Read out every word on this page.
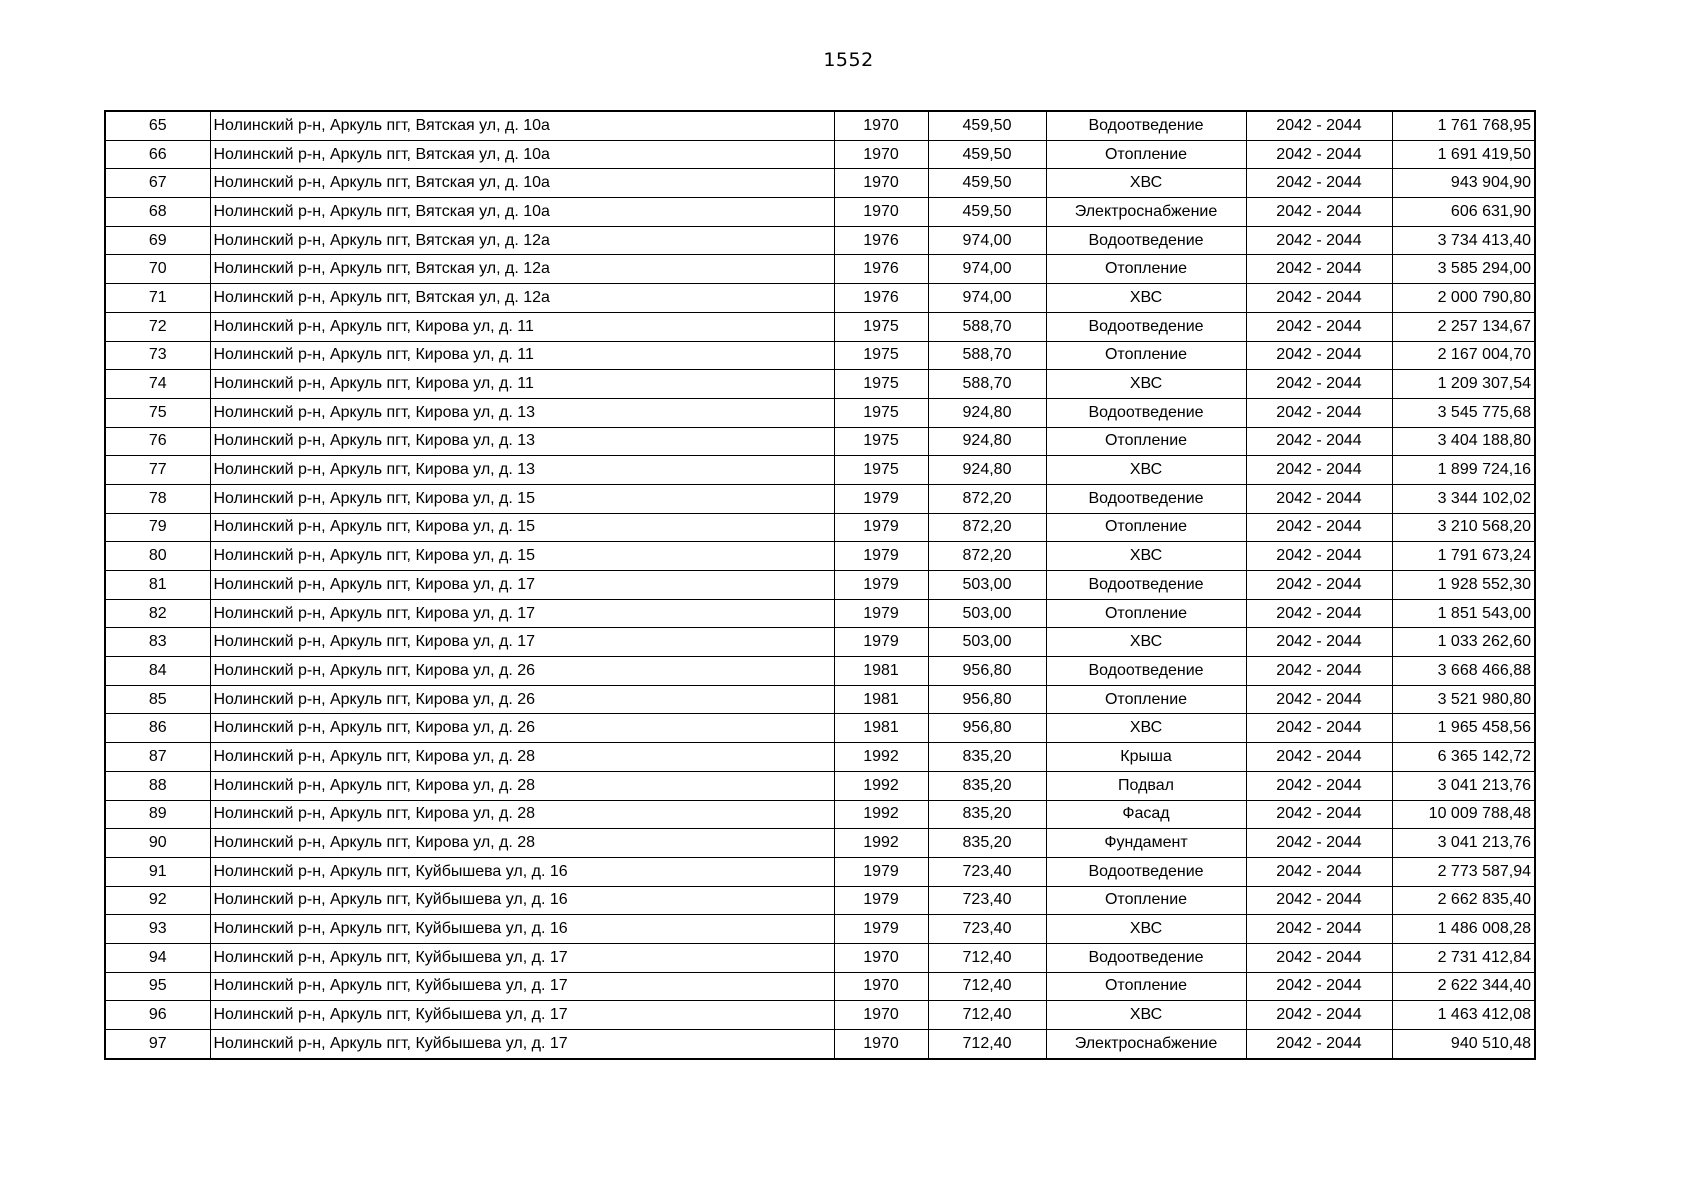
1552
65	Нолинский р-н, Аркуль пгт, Вятская ул, д. 10а	1970	459,50	Водоотведение	2042 - 2044	1 761 768,95
66	Нолинский р-н, Аркуль пгт, Вятская ул, д. 10а	1970	459,50	Отопление	2042 - 2044	1 691 419,50
67	Нолинский р-н, Аркуль пгт, Вятская ул, д. 10а	1970	459,50	ХВС	2042 - 2044	943 904,90
68	Нолинский р-н, Аркуль пгт, Вятская ул, д. 10а	1970	459,50	Электроснабжение	2042 - 2044	606 631,90
69	Нолинский р-н, Аркуль пгт, Вятская ул, д. 12а	1976	974,00	Водоотведение	2042 - 2044	3 734 413,40
70	Нолинский р-н, Аркуль пгт, Вятская ул, д. 12а	1976	974,00	Отопление	2042 - 2044	3 585 294,00
71	Нолинский р-н, Аркуль пгт, Вятская ул, д. 12а	1976	974,00	ХВС	2042 - 2044	2 000 790,80
72	Нолинский р-н, Аркуль пгт, Кирова ул, д. 11	1975	588,70	Водоотведение	2042 - 2044	2 257 134,67
73	Нолинский р-н, Аркуль пгт, Кирова ул, д. 11	1975	588,70	Отопление	2042 - 2044	2 167 004,70
74	Нолинский р-н, Аркуль пгт, Кирова ул, д. 11	1975	588,70	ХВС	2042 - 2044	1 209 307,54
75	Нолинский р-н, Аркуль пгт, Кирова ул, д. 13	1975	924,80	Водоотведение	2042 - 2044	3 545 775,68
76	Нолинский р-н, Аркуль пгт, Кирова ул, д. 13	1975	924,80	Отопление	2042 - 2044	3 404 188,80
77	Нолинский р-н, Аркуль пгт, Кирова ул, д. 13	1975	924,80	ХВС	2042 - 2044	1 899 724,16
78	Нолинский р-н, Аркуль пгт, Кирова ул, д. 15	1979	872,20	Водоотведение	2042 - 2044	3 344 102,02
79	Нолинский р-н, Аркуль пгт, Кирова ул, д. 15	1979	872,20	Отопление	2042 - 2044	3 210 568,20
80	Нолинский р-н, Аркуль пгт, Кирова ул, д. 15	1979	872,20	ХВС	2042 - 2044	1 791 673,24
81	Нолинский р-н, Аркуль пгт, Кирова ул, д. 17	1979	503,00	Водоотведение	2042 - 2044	1 928 552,30
82	Нолинский р-н, Аркуль пгт, Кирова ул, д. 17	1979	503,00	Отопление	2042 - 2044	1 851 543,00
83	Нолинский р-н, Аркуль пгт, Кирова ул, д. 17	1979	503,00	ХВС	2042 - 2044	1 033 262,60
84	Нолинский р-н, Аркуль пгт, Кирова ул, д. 26	1981	956,80	Водоотведение	2042 - 2044	3 668 466,88
85	Нолинский р-н, Аркуль пгт, Кирова ул, д. 26	1981	956,80	Отопление	2042 - 2044	3 521 980,80
86	Нолинский р-н, Аркуль пгт, Кирова ул, д. 26	1981	956,80	ХВС	2042 - 2044	1 965 458,56
87	Нолинский р-н, Аркуль пгт, Кирова ул, д. 28	1992	835,20	Крыша	2042 - 2044	6 365 142,72
88	Нолинский р-н, Аркуль пгт, Кирова ул, д. 28	1992	835,20	Подвал	2042 - 2044	3 041 213,76
89	Нолинский р-н, Аркуль пгт, Кирова ул, д. 28	1992	835,20	Фасад	2042 - 2044	10 009 788,48
90	Нолинский р-н, Аркуль пгт, Кирова ул, д. 28	1992	835,20	Фундамент	2042 - 2044	3 041 213,76
91	Нолинский р-н, Аркуль пгт, Куйбышева ул, д. 16	1979	723,40	Водоотведение	2042 - 2044	2 773 587,94
92	Нолинский р-н, Аркуль пгт, Куйбышева ул, д. 16	1979	723,40	Отопление	2042 - 2044	2 662 835,40
93	Нолинский р-н, Аркуль пгт, Куйбышева ул, д. 16	1979	723,40	ХВС	2042 - 2044	1 486 008,28
94	Нолинский р-н, Аркуль пгт, Куйбышева ул, д. 17	1970	712,40	Водоотведение	2042 - 2044	2 731 412,84
95	Нолинский р-н, Аркуль пгт, Куйбышева ул, д. 17	1970	712,40	Отопление	2042 - 2044	2 622 344,40
96	Нолинский р-н, Аркуль пгт, Куйбышева ул, д. 17	1970	712,40	ХВС	2042 - 2044	1 463 412,08
97	Нолинский р-н, Аркуль пгт, Куйбышева ул, д. 17	1970	712,40	Электроснабжение	2042 - 2044	940 510,48
